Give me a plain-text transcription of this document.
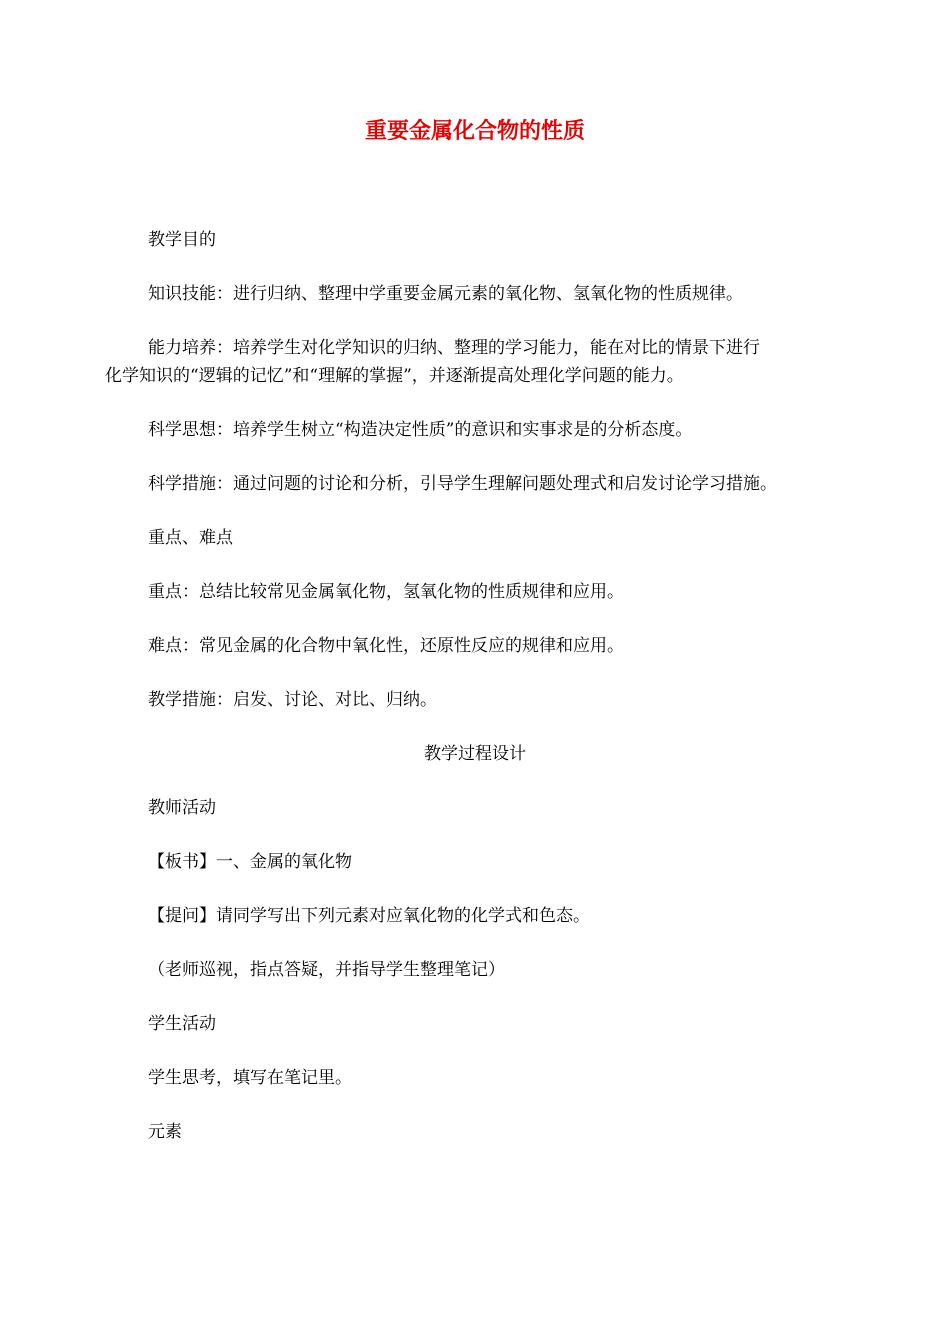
重要金属化合物的性质
教学目的
知识技能：进行归纳、整理中学重要金属元素的氧化物、氢氧化物的性质规律。
能力培养：培养学生对化学知识的归纳、整理的学习能力，能在对比的情景下进行
化学知识的“逻辑的记忆”和“理解的掌握”，并逐渐提高处理化学问题的能力。
科学思想：培养学生树立“构造决定性质”的意识和实事求是的分析态度。
科学措施：通过问题的讨论和分析，引导学生理解问题处理式和启发讨论学习措施。
重点、难点
重点：总结比较常见金属氧化物，氢氧化物的性质规律和应用。
难点：常见金属的化合物中氧化性，还原性反应的规律和应用。
教学措施：启发、讨论、对比、归纳。
教学过程设计
教师活动
【板书】一、金属的氧化物
【提问】请同学写出下列元素对应氧化物的化学式和色态。
（老师巡视，指点答疑，并指导学生整理笔记）
学生活动
学生思考，填写在笔记里。
元素
